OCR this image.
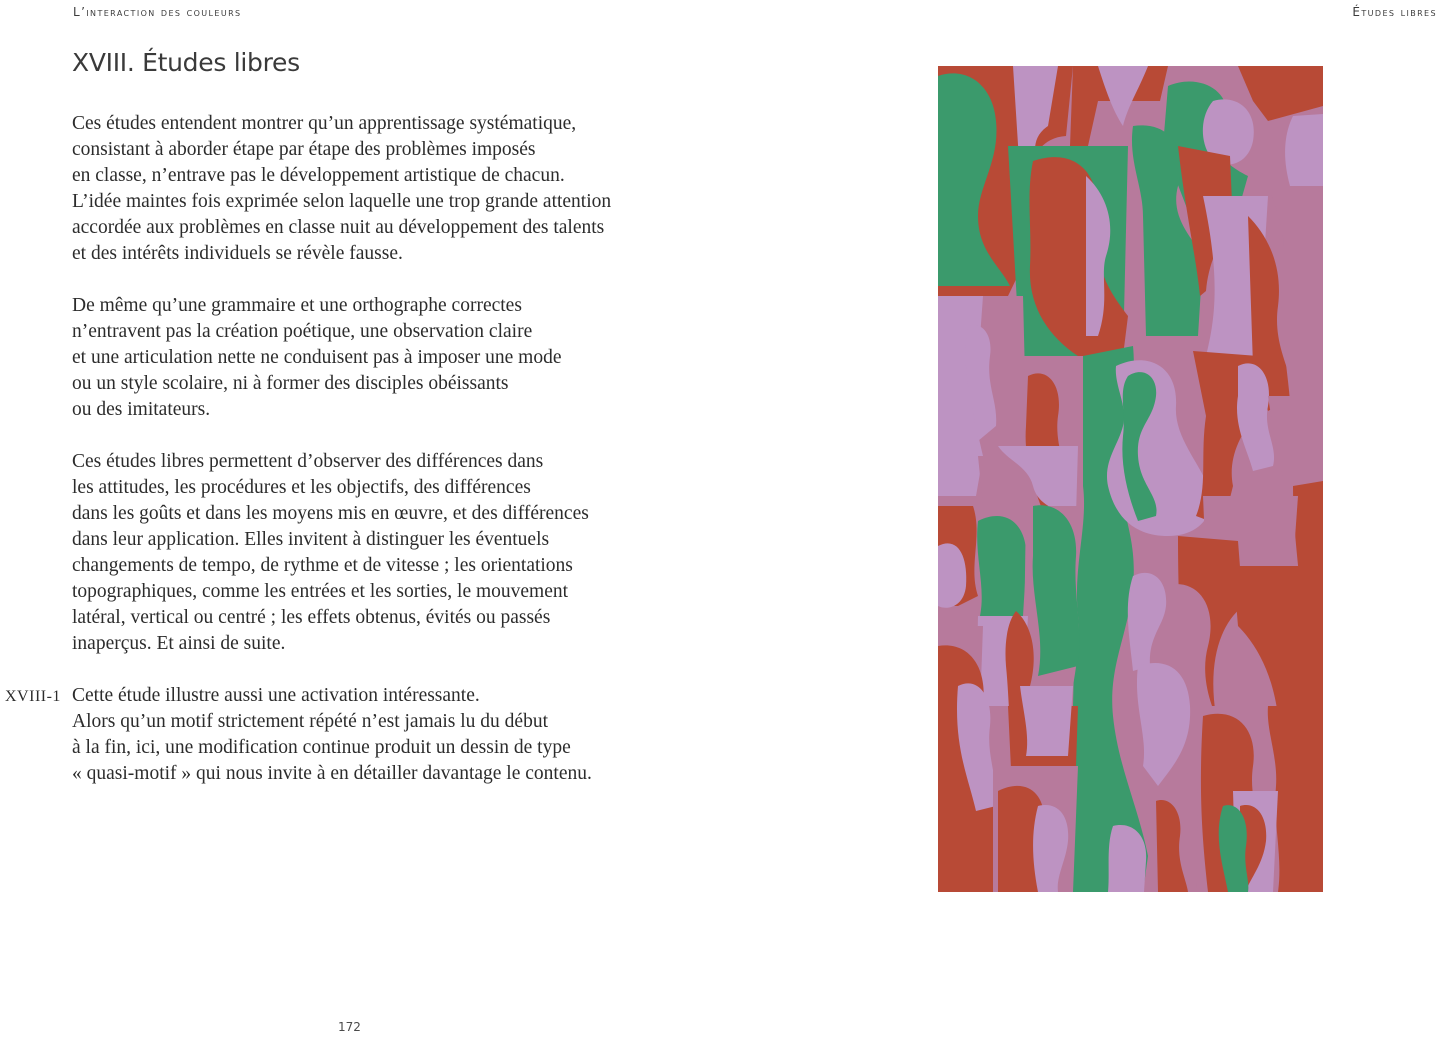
L’interaction des couleurs	Études libres
XVIII. Études libres

Ces études entendent montrer qu’un apprentissage systématique,
consistant à aborder étape par étape des problèmes imposés
en classe, n’entrave pas le développement artistique de chacun.
L’idée maintes fois exprimée selon laquelle une trop grande attention
accordée aux problèmes en classe nuit au développement des talents
et des intérêts individuels se révèle fausse.

De même qu’une grammaire et une orthographe correctes
n’entravent pas la création poétique, une observation claire
et une articulation nette ne conduisent pas à imposer une mode
ou un style scolaire, ni à former des disciples obéissants
ou des imitateurs.

Ces études libres permettent d’observer des différences dans
les attitudes, les procédures et les objectifs, des différences
dans les goûts et dans les moyens mis en œuvre, et des différences
dans leur application. Elles invitent à distinguer les éventuels
changements de tempo, de rythme et de vitesse ; les orientations
topographiques, comme les entrées et les sorties, le mouvement
latéral, vertical ou centré ; les effets obtenus, évités ou passés
inaperçus. Et ainsi de suite.

XVIII-1 Cette étude illustre aussi une activation intéressante.
Alors qu’un motif strictement répété n’est jamais lu du début
à la fin, ici, une modification continue produit un dessin de type
« quasi-motif » qui nous invite à en détailler davantage le contenu.

172
